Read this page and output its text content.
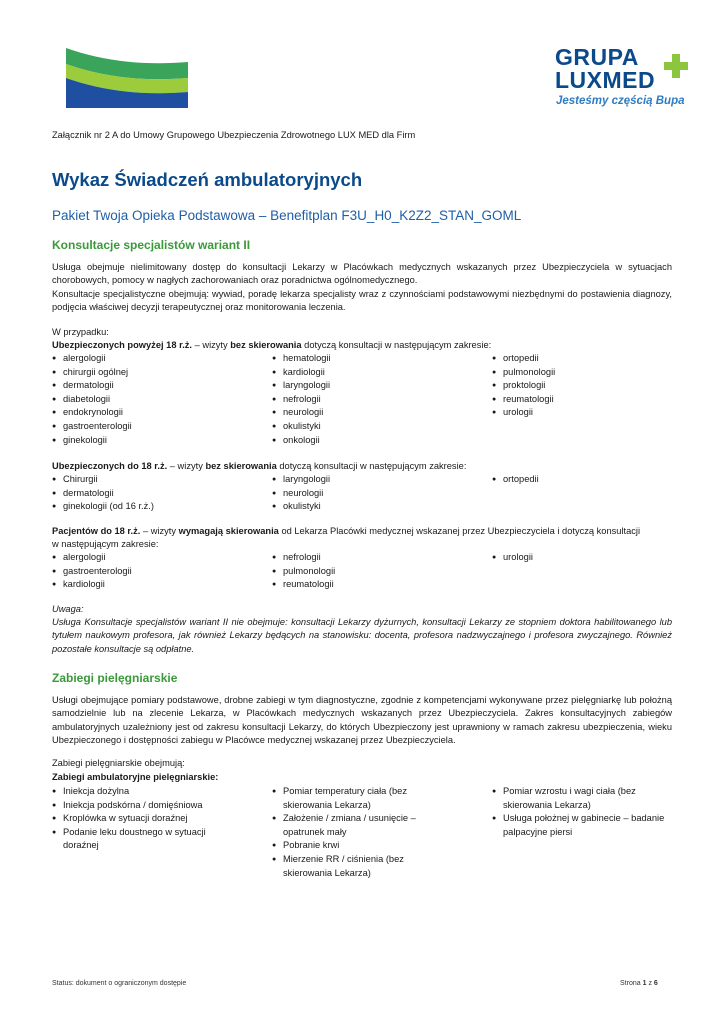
GRUPA
LUXMED
Jesteśmy częścią Bupa
Załącznik nr 2 A do Umowy Grupowego Ubezpieczenia Zdrowotnego LUX MED dla Firm
Wykaz Świadczeń ambulatoryjnych
Pakiet Twoja Opieka Podstawowa – Benefitplan F3U_H0_K2Z2_STAN_GOML
Konsultacje specjalistów wariant II
Usługa obejmuje nielimitowany dostęp do konsultacji Lekarzy w Placówkach medycznych wskazanych przez Ubezpieczyciela w sytuacjach chorobowych, pomocy w nagłych zachorowaniach oraz poradnictwa ogólnomedycznego.
Konsultacje specjalistyczne obejmują: wywiad, poradę lekarza specjalisty wraz z czynnościami podstawowymi niezbędnymi do postawienia diagnozy, podjęcia właściwej decyzji terapeutycznej oraz monitorowania leczenia.
W przypadku:
Ubezpieczonych powyżej 18 r.ż. – wizyty bez skierowania dotyczą konsultacji w następującym zakresie:
● alergologii
● chirurgii ogólnej
● dermatologii
● diabetologii
● endokrynologii
● gastroenterologii
● ginekologii
● hematologii
● kardiologii
● laryngologii
● nefrologii
● neurologii
● okulistyki
● onkologii
● ortopedii
● pulmonologii
● proktologii
● reumatologii
● urologii
Ubezpieczonych do 18 r.ż. – wizyty bez skierowania dotyczą konsultacji w następującym zakresie:
● Chirurgii
● dermatologii
● ginekologii (od 16 r.ż.)
● laryngologii
● neurologii
● okulistyki
● ortopedii
Pacjentów do 18 r.ż. – wizyty wymagają skierowania od Lekarza Placówki medycznej wskazanej przez Ubezpieczyciela i dotyczą konsultacji
w następującym zakresie:
● alergologii
● gastroenterologii
● kardiologii
● nefrologii
● pulmonologii
● reumatologii
● urologii
Uwaga:
Usługa Konsultacje specjalistów wariant II nie obejmuje: konsultacji Lekarzy dyżurnych, konsultacji Lekarzy ze stopniem doktora habilitowanego lub tytułem naukowym profesora, jak również Lekarzy będących na stanowisku: docenta, profesora nadzwyczajnego i profesora zwyczajnego. Również pozostałe konsultacje są odpłatne.
Zabiegi pielęgniarskie
Usługi obejmujące pomiary podstawowe, drobne zabiegi w tym diagnostyczne, zgodnie z kompetencjami wykonywane przez pielęgniarkę lub położną samodzielnie lub na zlecenie Lekarza, w Placówkach medycznych wskazanych przez Ubezpieczyciela. Zakres konsultacyjnych zabiegów ambulatoryjnych uzależniony jest od zakresu konsultacji Lekarzy, do których Ubezpieczony jest uprawniony w ramach zakresu ubezpieczenia, wieku Ubezpieczonego i dostępności zabiegu w Placówce medycznej wskazanej przez Ubezpieczyciela.
Zabiegi pielęgniarskie obejmują:
Zabiegi ambulatoryjne pielęgniarskie:
● Iniekcja dożylna
● Iniekcja podskórna / domięśniowa
● Kroplówka w sytuacji doraźnej
● Podanie leku doustnego w sytuacji doraźnej
● Pomiar temperatury ciała (bez skierowania Lekarza)
● Założenie / zmiana / usunięcie – opatrunek mały
● Pobranie krwi
● Mierzenie RR / ciśnienia (bez skierowania Lekarza)
● Pomiar wzrostu i wagi ciała (bez skierowania Lekarza)
● Usługa położnej w gabinecie – badanie palpacyjne piersi
Status: dokument o ograniczonym dostępie	Strona 1 z 6
